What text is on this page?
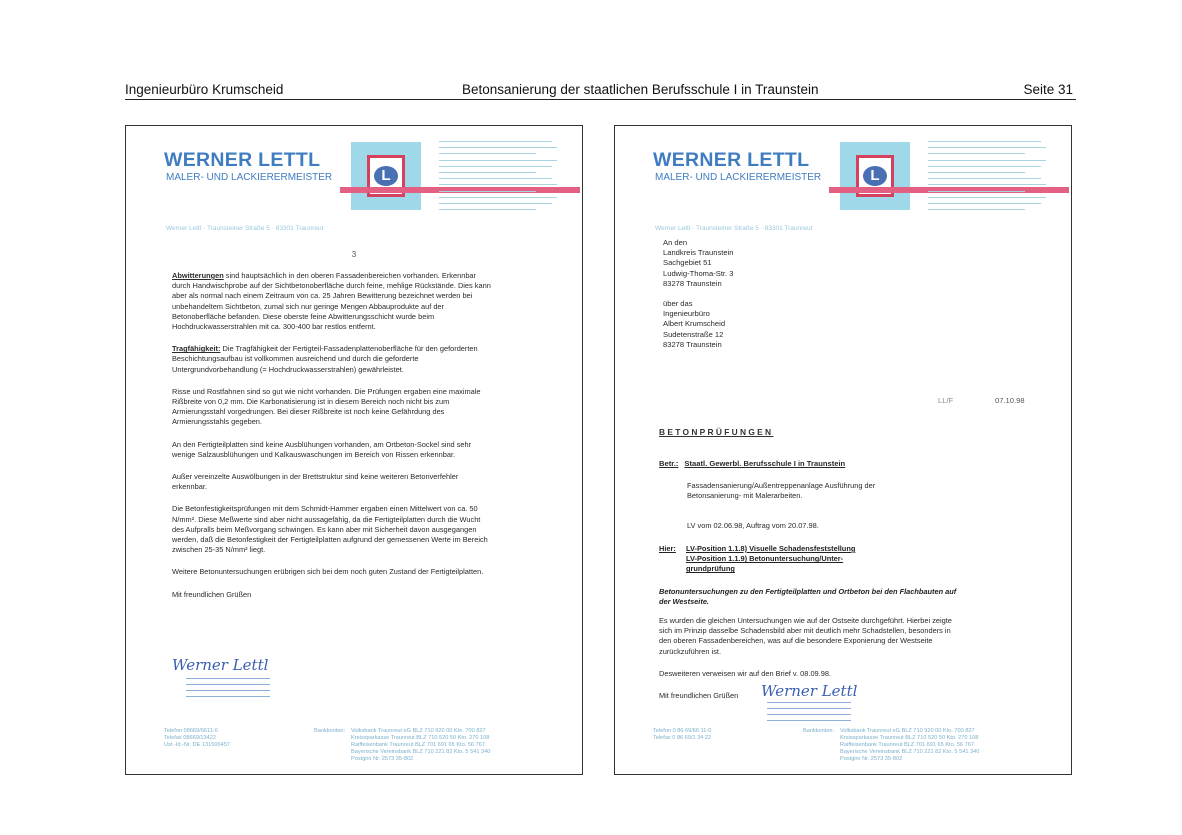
Ingenieurbüro Krumscheid	Betonsanierung der staatlichen Berufsschule I in Traunstein	Seite 31
L
WERNER LETTL
MALER- UND LACKIERERMEISTER
Werner Lettl · Traunsteiner Straße 5 · 83301 Traunreut
3

Abwitterungen sind hauptsächlich in den oberen Fassadenbereichen vorhanden. Erkennbar durch Handwischprobe auf der Sichtbetonoberfläche durch feine, mehlige Rückstände. Dies kann aber als normal nach einem Zeitraum von ca. 25 Jahren Bewitterung bezeichnet werden bei unbehandeltem Sichtbeton, zumal sich nur geringe Mengen Abbauprodukte auf der Betonoberfläche befanden. Diese oberste feine Abwitterungsschicht wurde beim Hochdruckwasserstrahlen mit ca. 300-400 bar restlos entfernt.

Tragfähigkeit: Die Tragfähigkeit der Fertigteil-Fassadenplattenoberfläche für den geforderten Beschichtungsaufbau ist vollkommen ausreichend und durch die geforderte Untergrundvorbehandlung (= Hochdruckwasserstrahlen) gewährleistet.

Risse und Rostfahnen sind so gut wie nicht vorhanden. Die Prüfungen ergaben eine maximale Rißbreite von 0,2 mm. Die Karbonatisierung ist in diesem Bereich noch nicht bis zum Armierungsstahl vorgedrungen. Bei dieser Rißbreite ist noch keine Gefährdung des Armierungsstahls gegeben.

An den Fertigteilplatten sind keine Ausblühungen vorhanden, am Ortbeton-Sockel sind sehr wenige Salzausblühungen und Kalkauswaschungen im Bereich von Rissen erkennbar.

Außer vereinzelte Auswölbungen in der Brettstruktur sind keine weiteren Betonverfehler erkennbar.

Die Betonfestigkeitsprüfungen mit dem Schmidt-Hammer ergaben einen Mittelwert von ca. 50 N/mm². Diese Meßwerte sind aber nicht aussagefähig, da die Fertigteilplatten durch die Wucht des Aufpralls beim Meßvorgang schwingen. Es kann aber mit Sicherheit davon ausgegangen werden, daß die Betonfestigkeit der Fertigteilplatten aufgrund der gemessenen Werte im Bereich zwischen 25-35 N/mm² liegt.

Weitere Betonuntersuchungen erübrigen sich bei dem noch guten Zustand der Fertigteilplatten.

Mit freundlichen Grüßen

Werner Lettl
Telefon 08669/6611-0
Telefax 08669/13422
Ust.-Id.-Nr. DE 131500457
Bankkonten: Volksbank Traunreut eG BLZ 710 920 00 Kto. 700 827
Kreissparkasse Traunreut BLZ 710 520 50 Kto. 270 108
Raiffeisenbank Traunreut BLZ 701 691 65 Kto. 56 767
Bayerische Vereinsbank BLZ 710 221 82 Kto. 5 541 340
Postgiro Nr. 2573 35-802
L
WERNER LETTL
MALER- UND LACKIERERMEISTER
Werner Lettl · Traunsteiner Straße 5 · 83301 Traunreut
An den
Landkreis Traunstein
Sachgebiet 51
Ludwig-Thoma-Str. 3
83278 Traunstein
über das
Ingenieurbüro
Albert Krumscheid
Sudetenstraße 12
83278 Traunstein
LL/F	07.10.98
BETONPRÜFUNGEN
Betr.: Staatl. Gewerbl. Berufsschule I in Traunstein
Fassadensanierung/Außentreppenanlage Ausführung der Betonsanierung- mit Malerarbeiten.
LV vom 02.06.98, Auftrag vom 20.07.98.
Hier: LV-Position 1.1.8) Visuelle Schadensfeststellung
LV-Position 1.1.9) Betonuntersuchung/Unter-
grundprüfung
Betonuntersuchungen zu den Fertigteilplatten und Ortbeton bei den Flachbauten auf der Westseite.

Es wurden die gleichen Untersuchungen wie auf der Ostseite durchgeführt. Hierbei zeigte sich im Prinzip dasselbe Schadensbild aber mit deutlich mehr Schadstellen, besonders in den oberen Fassadenbereichen, was auf die besondere Exponierung der Westseite zurückzuführen ist.

Desweiteren verweisen wir auf den Brief v. 08.09.98.

Mit freundlichen Grüßen	Werner Lettl
Telefon 0 86 69/66 11-0
Telefax 0 86 69/1 34 22
Bankkonten: Volksbank Traunreut eG BLZ 710 920 00 Kto. 700 827
Kreissparkasse Traunreut BLZ 710 520 50 Kto. 270 108
Raiffeisenbank Traunreut BLZ 701 691 65 Kto. 56 767
Bayerische Vereinsbank BLZ 710 221 82 Kto. 5 541 340
Postgiro Nr. 2573 35-802
